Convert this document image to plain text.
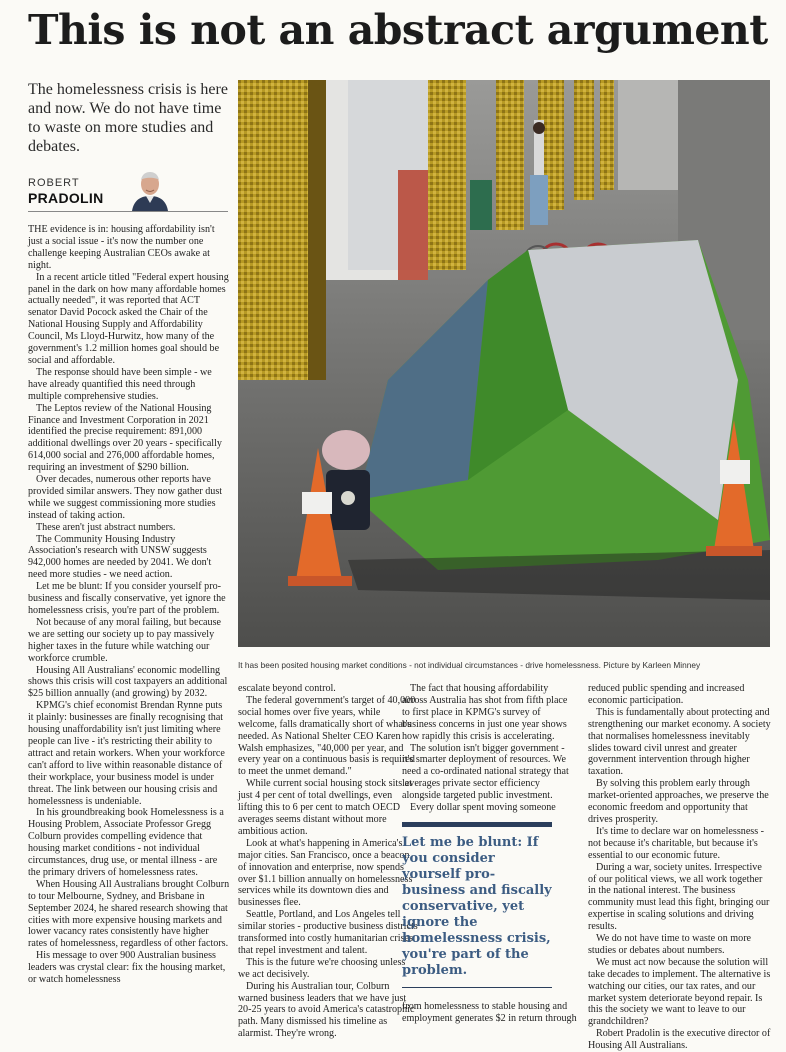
This is not an abstract argument

The homelessness crisis is here and now. We do not have time to waste on more studies and debates.

ROBERT
PRADOLIN

THE evidence is in: housing affordability isn't just a social issue - it's now the number one challenge keeping Australian CEOs awake at night.

In a recent article titled "Federal expert housing panel in the dark on how many affordable homes actually needed", it was reported that ACT senator David Pocock asked the Chair of the National Housing Supply and Affordability Council, Ms Lloyd-Hurwitz, how many of the government's 1.2 million homes goal should be social and affordable.

The response should have been simple - we have already quantified this need through multiple comprehensive studies.

The Leptos review of the National Housing Finance and Investment Corporation in 2021 identified the precise requirement: 891,000 additional dwellings over 20 years - specifically 614,000 social and 276,000 affordable homes, requiring an investment of $290 billion.

Over decades, numerous other reports have provided similar answers. They now gather dust while we suggest commissioning more studies instead of taking action.

These aren't just abstract numbers.

The Community Housing Industry Association's research with UNSW suggests 942,000 homes are needed by 2041. We don't need more studies - we need action.

Let me be blunt: If you consider yourself pro-business and fiscally conservative, yet ignore the homelessness crisis, you're part of the problem.

Not because of any moral failing, but because we are setting our society up to pay massively higher taxes in the future while watching our workforce crumble.

Housing All Australians' economic modelling shows this crisis will cost taxpayers an additional $25 billion annually (and growing) by 2032.

KPMG's chief economist Brendan Rynne puts it plainly: businesses are finally recognising that housing unaffordability isn't just limiting where people can live - it's restricting their ability to attract and retain workers. When your workforce can't afford to live within reasonable distance of their workplace, your business model is under threat. The link between our housing crisis and homelessness is undeniable.

In his groundbreaking book Homelessness is a Housing Problem, Associate Professor Gregg Colburn provides compelling evidence that housing market conditions - not individual circumstances, drug use, or mental illness - are the primary drivers of homelessness rates.

When Housing All Australians brought Colburn to tour Melbourne, Sydney, and Brisbane in September 2024, he shared research showing that cities with more expensive housing markets and lower vacancy rates consistently have higher rates of homelessness, regardless of other factors.

His message to over 900 Australian business leaders was crystal clear: fix the housing market, or watch homelessness

It has been posited housing market conditions - not individual circumstances - drive homelessness. Picture by Karleen Minney

escalate beyond control.

The federal government's target of 40,000 social homes over five years, while welcome, falls dramatically short of what's needed. As National Shelter CEO Karen Walsh emphasizes, "40,000 per year, and every year on a continuous basis is required to meet the unmet demand."

While current social housing stock sits at just 4 per cent of total dwellings, even lifting this to 6 per cent to match OECD averages seems distant without more ambitious action.

Look at what's happening in America's major cities. San Francisco, once a beacon of innovation and enterprise, now spends over $1.1 billion annually on homelessness services while its downtown dies and businesses flee.

Seattle, Portland, and Los Angeles tell similar stories - productive business districts transformed into costly humanitarian crises that repel investment and talent.

This is the future we're choosing unless we act decisively.

During his Australian tour, Colburn warned business leaders that we have just 20-25 years to avoid America's catastrophic path. Many dismissed his timeline as alarmist. They're wrong.

The fact that housing affordability across Australia has shot from fifth place to first place in KPMG's survey of business concerns in just one year shows how rapidly this crisis is accelerating.

The solution isn't bigger government - it's smarter deployment of resources. We need a co-ordinated national strategy that leverages private sector efficiency alongside targeted public investment.

Every dollar spent moving someone

Let me be blunt: If you consider yourself pro-business and fiscally conservative, yet ignore the homelessness crisis, you're part of the problem.

from homelessness to stable housing and employment generates $2 in return through

reduced public spending and increased economic participation.

This is fundamentally about protecting and strengthening our market economy. A society that normalises homelessness inevitably slides toward civil unrest and greater government intervention through higher taxation.

By solving this problem early through market-oriented approaches, we preserve the economic freedom and opportunity that drives prosperity.

It's time to declare war on homelessness - not because it's charitable, but because it's essential to our economic future.

During a war, society unites. Irrespective of our political views, we all work together in the national interest. The business community must lead this fight, bringing our expertise in scaling solutions and driving results.

We do not have time to waste on more studies or debates about numbers.

We must act now because the solution will take decades to implement. The alternative is watching our cities, our tax rates, and our market system deteriorate beyond repair. Is this the society we want to leave to our grandchildren?

Robert Pradolin is the executive director of Housing All Australians.
